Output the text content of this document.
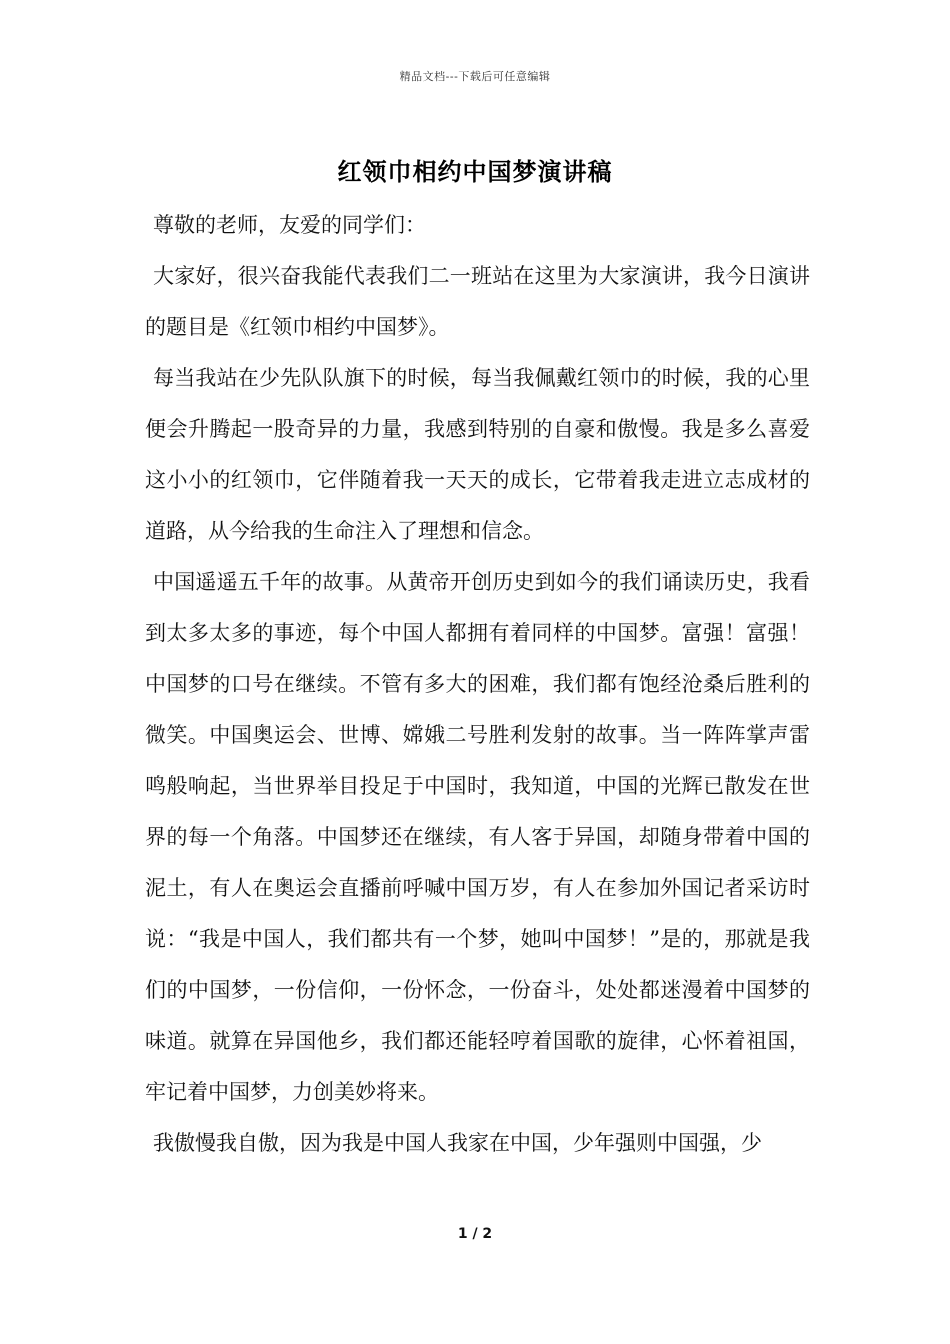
精品文档---下载后可任意编辑
红领巾相约中国梦演讲稿

尊敬的老师，友爱的同学们：

大家好，很兴奋我能代表我们二一班站在这里为大家演讲，我今日演讲的题目是《红领巾相约中国梦》。

每当我站在少先队队旗下的时候，每当我佩戴红领巾的时候，我的心里便会升腾起一股奇异的力量，我感到特别的自豪和傲慢。我是多么喜爱这小小的红领巾，它伴随着我一天天的成长，它带着我走进立志成材的道路，从今给我的生命注入了理想和信念。

中国遥遥五千年的故事。从黄帝开创历史到如今的我们诵读历史，我看到太多太多的事迹，每个中国人都拥有着同样的中国梦。富强！富强！中国梦的口号在继续。不管有多大的困难，我们都有饱经沧桑后胜利的微笑。中国奥运会、世博、嫦娥二号胜利发射的故事。当一阵阵掌声雷鸣般响起，当世界举目投足于中国时，我知道，中国的光辉已散发在世界的每一个角落。中国梦还在继续，有人客于异国，却随身带着中国的泥土，有人在奥运会直播前呼喊中国万岁，有人在参加外国记者采访时说：“我是中国人，我们都共有一个梦，她叫中国梦！”是的，那就是我们的中国梦，一份信仰，一份怀念，一份奋斗，处处都迷漫着中国梦的味道。就算在异国他乡，我们都还能轻哼着国歌的旋律，心怀着祖国，牢记着中国梦，力创美妙将来。

我傲慢我自傲，因为我是中国人我家在中国，少年强则中国强，少

1 / 2
